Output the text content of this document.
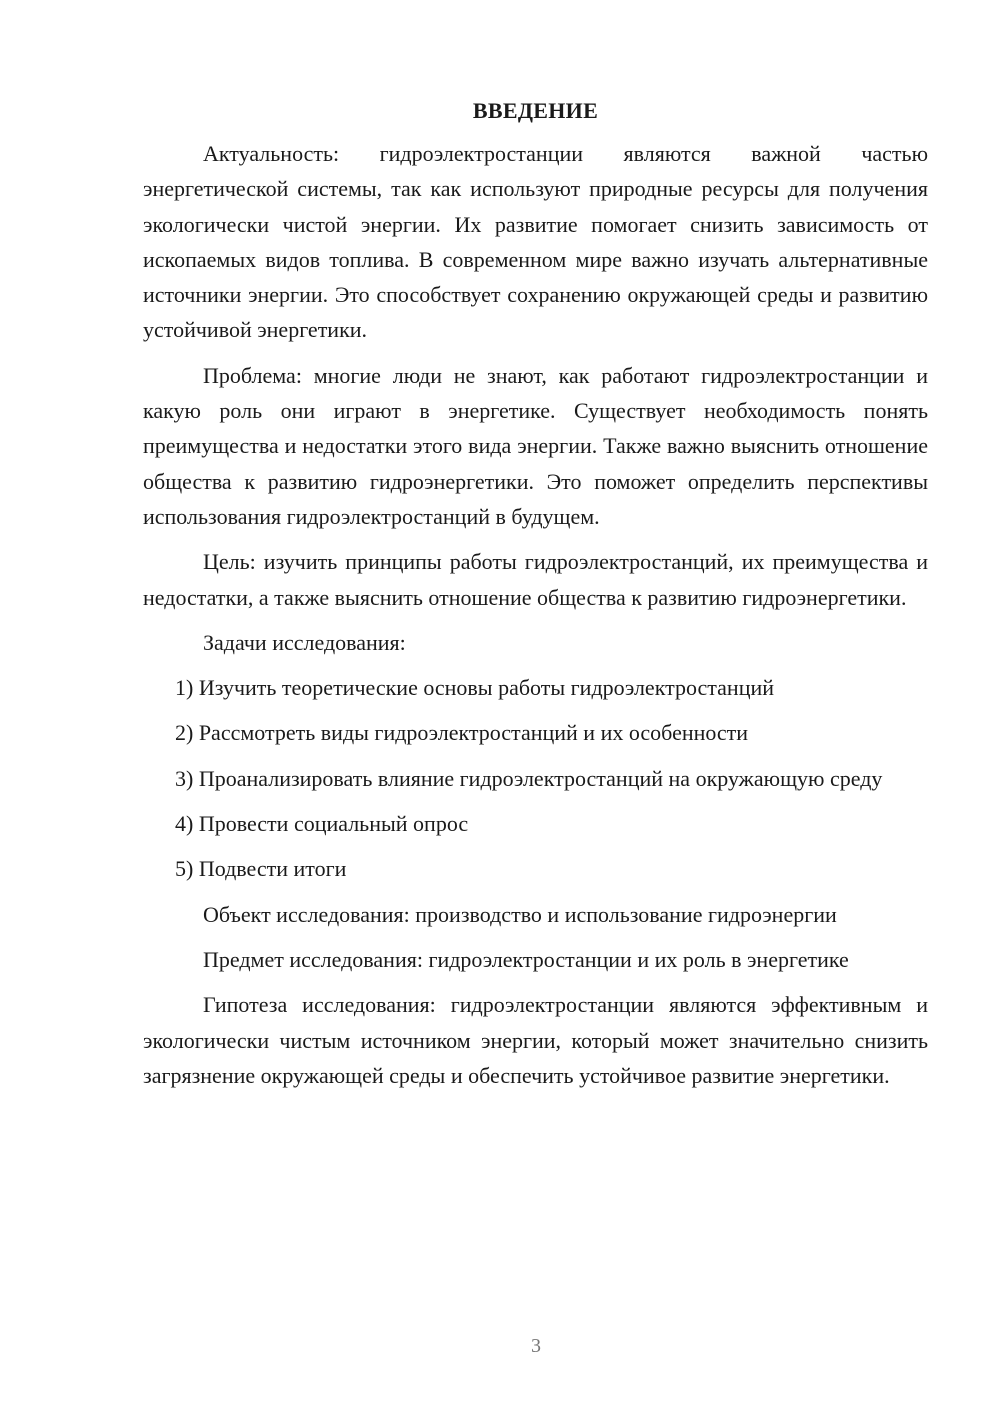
ВВЕДЕНИЕ

Актуальность: гидроэлектростанции являются важной частью энергетической системы, так как используют природные ресурсы для получения экологически чистой энергии. Их развитие помогает снизить зависимость от ископаемых видов топлива. В современном мире важно изучать альтернативные источники энергии. Это способствует сохранению окружающей среды и развитию устойчивой энергетики.

Проблема: многие люди не знают, как работают гидроэлектростанции и какую роль они играют в энергетике. Существует необходимость понять преимущества и недостатки этого вида энергии. Также важно выяснить отношение общества к развитию гидроэнергетики. Это поможет определить перспективы использования гидроэлектростанций в будущем.

Цель: изучить принципы работы гидроэлектростанций, их преимущества и недостатки, а также выяснить отношение общества к развитию гидроэнергетики.

Задачи исследования:

1) Изучить теоретические основы работы гидроэлектростанций

2) Рассмотреть виды гидроэлектростанций и их особенности

3) Проанализировать влияние гидроэлектростанций на окружающую среду

4) Провести социальный опрос

5) Подвести итоги

Объект исследования: производство и использование гидроэнергии

Предмет исследования: гидроэлектростанции и их роль в энергетике

Гипотеза исследования: гидроэлектростанции являются эффективным и экологически чистым источником энергии, который может значительно снизить загрязнение окружающей среды и обеспечить устойчивое развитие энергетики.

3
